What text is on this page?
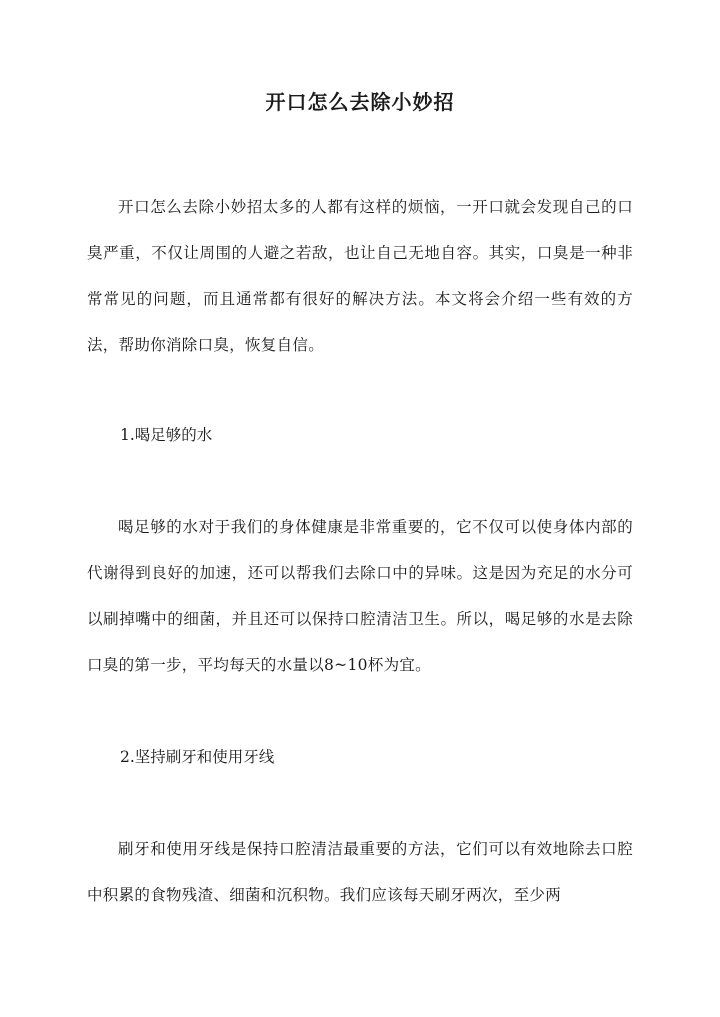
开口怎么去除小妙招

开口怎么去除小妙招太多的人都有这样的烦恼，一开口就会发现自己的口臭严重，不仅让周围的人避之若敌，也让自己无地自容。其实，口臭是一种非常常见的问题，而且通常都有很好的解决方法。本文将会介绍一些有效的方法，帮助你消除口臭，恢复自信。

1.喝足够的水

喝足够的水对于我们的身体健康是非常重要的，它不仅可以使身体内部的代谢得到良好的加速，还可以帮我们去除口中的异味。这是因为充足的水分可以刷掉嘴中的细菌，并且还可以保持口腔清洁卫生。所以，喝足够的水是去除口臭的第一步，平均每天的水量以8~10杯为宜。

2.坚持刷牙和使用牙线

刷牙和使用牙线是保持口腔清洁最重要的方法，它们可以有效地除去口腔中积累的食物残渣、细菌和沉积物。我们应该每天刷牙两次，至少两
